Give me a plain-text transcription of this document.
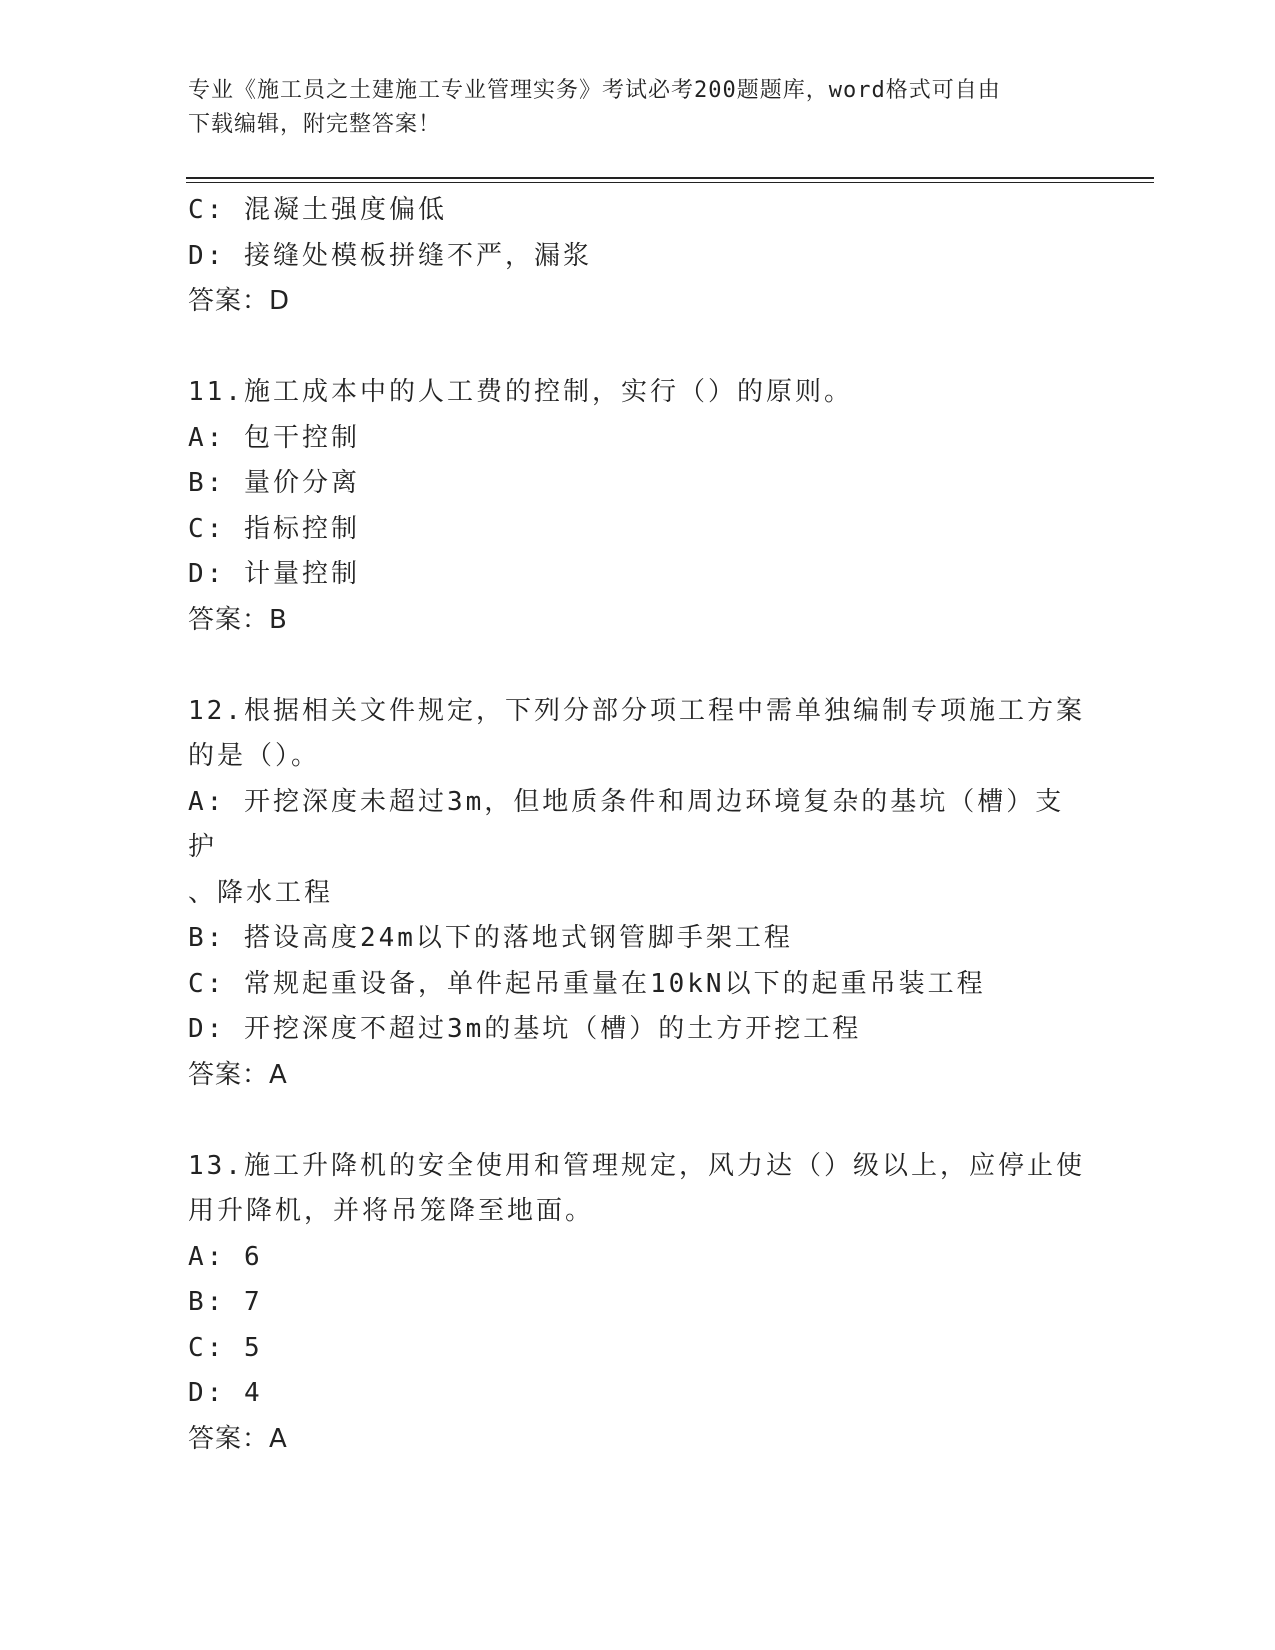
专业《施工员之土建施工专业管理实务》考试必考200题题库，word格式可自由
下载编辑，附完整答案！

C: 混凝土强度偏低

D: 接缝处模板拼缝不严，漏浆

答案：D

11.施工成本中的人工费的控制，实行（）的原则。

A: 包干控制

B: 量价分离

C: 指标控制

D: 计量控制

答案：B

12.根据相关文件规定，下列分部分项工程中需单独编制专项施工方案

的是（）。

A: 开挖深度未超过3m，但地质条件和周边环境复杂的基坑（槽）支护

、降水工程

B: 搭设高度24m以下的落地式钢管脚手架工程

C: 常规起重设备，单件起吊重量在10kN以下的起重吊装工程

D: 开挖深度不超过3m的基坑（槽）的土方开挖工程

答案：A

13.施工升降机的安全使用和管理规定，风力达（）级以上，应停止使

用升降机，并将吊笼降至地面。

A: 6

B: 7

C: 5

D: 4

答案：A
